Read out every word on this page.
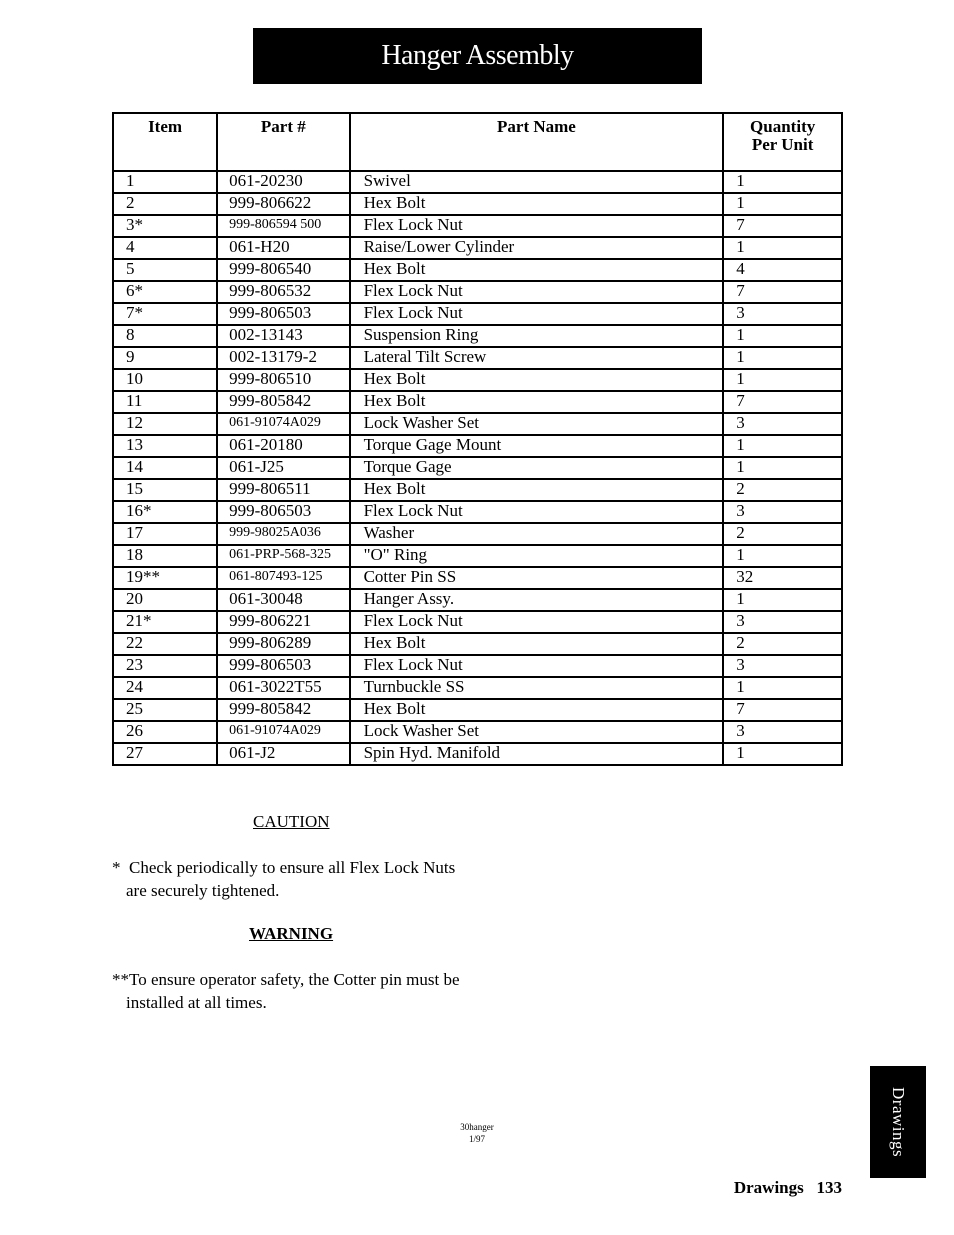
Hanger Assembly
Item	Part #	Part Name	Quantity
Per Unit
1	061-20230	Swivel	1
2	999-806622	Hex Bolt	1
3*	999-806594 500	Flex Lock Nut	7
4	061-H20	Raise/Lower Cylinder	1
5	999-806540	Hex Bolt	4
6*	999-806532	Flex Lock Nut	7
7*	999-806503	Flex Lock Nut	3
8	002-13143	Suspension Ring	1
9	002-13179-2	Lateral Tilt Screw	1
10	999-806510	Hex Bolt	1
11	999-805842	Hex Bolt	7
12	061-91074A029	Lock Washer Set	3
13	061-20180	Torque Gage Mount	1
14	061-J25	Torque Gage	1
15	999-806511	Hex Bolt	2
16*	999-806503	Flex Lock Nut	3
17	999-98025A036	Washer	2
18	061-PRP-568-325	"O" Ring	1
19**	061-807493-125	Cotter Pin SS	32
20	061-30048	Hanger Assy.	1
21*	999-806221	Flex Lock Nut	3
22	999-806289	Hex Bolt	2
23	999-806503	Flex Lock Nut	3
24	061-3022T55	Turnbuckle SS	1
25	999-805842	Hex Bolt	7
26	061-91074A029	Lock Washer Set	3
27	061-J2	Spin Hyd. Manifold	1
CAUTION
*  Check periodically to ensure all Flex Lock Nuts
are securely tightened.
WARNING
**To ensure operator safety, the Cotter pin must be
installed at all times.
30hanger
1/97	Drawings
Drawings 133
